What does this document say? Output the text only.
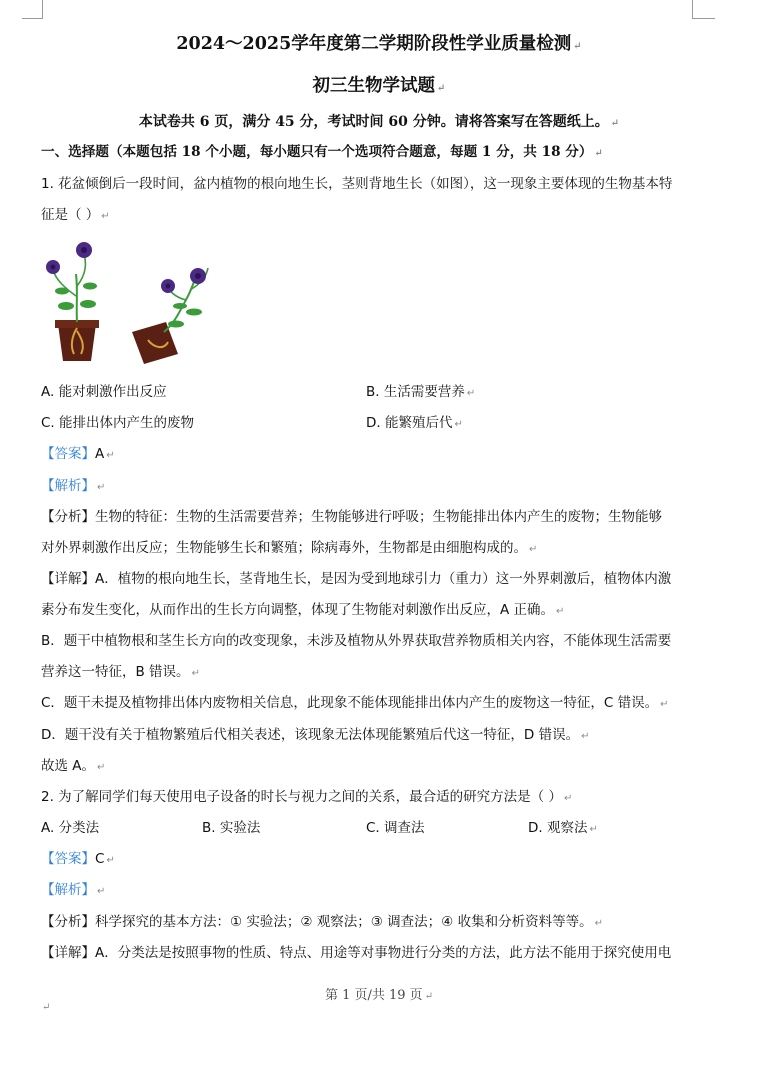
2024～2025学年度第二学期阶段性学业质量检测 ↵
初三生物学试题 ↵
本试卷共 6 页，满分 45 分，考试时间 60 分钟。请将答案写在答题纸上。 ↵
一、选择题（本题包括 18 个小题，每小题只有一个选项符合题意，每题 1 分，共 18 分） ↵
1. 花盆倾倒后一段时间，盆内植物的根向地生长，茎则背地生长（如图），这一现象主要体现的生物基本特
征是（ ） ↵
A. 能对刺激作出反应	B. 生活需要营养 ↵
C. 能排出体内产生的废物	D. 能繁殖后代 ↵
【答案】A ↵
【解析】 ↵
【分析】生物的特征：生物的生活需要营养；生物能够进行呼吸；生物能排出体内产生的废物；生物能够
对外界刺激作出反应；生物能够生长和繁殖；除病毒外，生物都是由细胞构成的。 ↵
【详解】A．植物的根向地生长，茎背地生长，是因为受到地球引力（重力）这一外界刺激后，植物体内激
素分布发生变化，从而作出的生长方向调整，体现了生物能对刺激作出反应，A 正确。 ↵
B．题干中植物根和茎生长方向的改变现象，未涉及植物从外界获取营养物质相关内容，不能体现生活需要
营养这一特征，B 错误。 ↵
C．题干未提及植物排出体内废物相关信息，此现象不能体现能排出体内产生的废物这一特征，C 错误。 ↵
D．题干没有关于植物繁殖后代相关表述，该现象无法体现能繁殖后代这一特征，D 错误。 ↵
故选 A。 ↵
2. 为了解同学们每天使用电子设备的时长与视力之间的关系，最合适的研究方法是（ ） ↵
A. 分类法	B. 实验法	C. 调查法	D. 观察法 ↵
【答案】C ↵
【解析】 ↵
【分析】科学探究的基本方法：① 实验法；② 观察法；③ 调查法；④ 收集和分析资料等等。 ↵
【详解】A．分类法是按照事物的性质、特点、用途等对事物进行分类的方法，此方法不能用于探究使用电
第 1 页/共 19 页 ↵
↵
